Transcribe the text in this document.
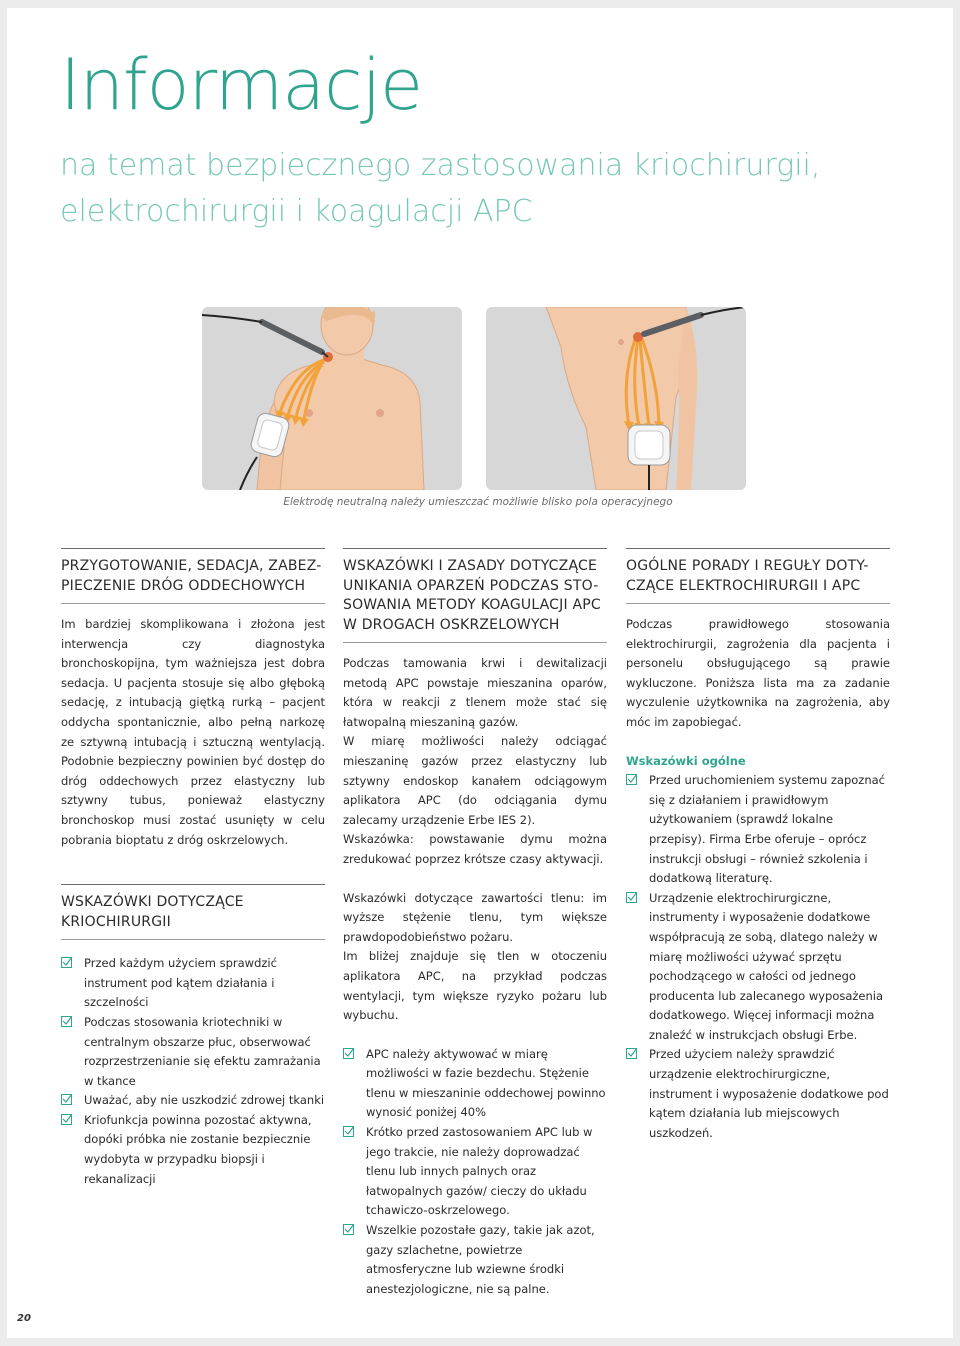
Informacje
na temat bezpiecznego zastosowania kriochirurgii, elektrochirurgii i koagulacji APC
Elektrodę neutralną należy umieszczać możliwie blisko pola operacyjnego
PRZYGOTOWANIE, SEDACJA, ZABEZ-PIECZENIE DRÓG ODDECHOWYCH

Im bardziej skomplikowana i złożona jest interwencja czy diagnostyka bronchoskopijna, tym ważniejsza jest dobra sedacja. U pacjenta stosuje się albo głęboką sedację, z intubacją giętką rurką – pacjent oddycha spontanicznie, albo pełną narkozę ze sztywną intubacją i sztuczną wentylacją. Podobnie bezpieczny powinien być dostęp do dróg oddechowych przez elastyczny lub sztywny tubus, ponieważ elastyczny bronchoskop musi zostać usunięty w celu pobrania bioptatu z dróg oskrzelowych.

WSKAZÓWKI DOTYCZĄCE KRIOCHIRURGII
Przed każdym użyciem sprawdzić instrument pod kątem działania i szczelności
Podczas stosowania kriotechniki w centralnym obszarze płuc, obserwować rozprzestrzenianie się efektu zamrażania w tkance
Uważać, aby nie uszkodzić zdrowej tkanki
Kriofunkcja powinna pozostać aktywna, dopóki próbka nie zostanie bezpiecznie wydobyta w przypadku biopsji i rekanalizacji
WSKAZÓWKI I ZASADY DOTYCZĄCE UNIKANIA OPARZEŃ PODCZAS STO-SOWANIA METODY KOAGULACJI APC W DROGACH OSKRZELOWYCH

Podczas tamowania krwi i dewitalizacji metodą APC powstaje mieszanina oparów, która w reakcji z tlenem może stać się łatwopalną mieszaniną gazów.

W miarę możliwości należy odciągać mieszaninę gazów przez elastyczny lub sztywny endoskop kanałem odciągowym aplikatora APC (do odciągania dymu zalecamy urządzenie Erbe IES 2).

Wskazówka: powstawanie dymu można zredukować poprzez krótsze czasy aktywacji.

Wskazówki dotyczące zawartości tlenu: im wyższe stężenie tlenu, tym większe prawdopodobieństwo pożaru.

Im bliżej znajduje się tlen w otoczeniu aplikatora APC, na przykład podczas wentylacji, tym większe ryzyko pożaru lub wybuchu.

APC należy aktywować w miarę możliwości w fazie bezdechu. Stężenie tlenu w mieszaninie oddechowej powinno wynosić poniżej 40%
Krótko przed zastosowaniem APC lub w jego trakcie, nie należy doprowadzać tlenu lub innych palnych oraz łatwopalnych gazów/ cieczy do układu tchawiczo-oskrzelowego.
Wszelkie pozostałe gazy, takie jak azot, gazy szlachetne, powietrze atmosferyczne lub wziewne środki anestezjologiczne, nie są palne.
OGÓLNE PORADY I REGUŁY DOTY-CZĄCE ELEKTROCHIRURGII I APC

Podczas prawidłowego stosowania elektrochirurgii, zagrożenia dla pacjenta i personelu obsługującego są prawie wykluczone. Poniższa lista ma za zadanie wyczulenie użytkownika na zagrożenia, aby móc im zapobiegać.

Wskazówki ogólne
Przed uruchomieniem systemu zapoznać się z działaniem i prawidłowym użytkowaniem (sprawdź lokalne przepisy). Firma Erbe oferuje – oprócz instrukcji obsługi – również szkolenia i dodatkową literaturę.
Urządzenie elektrochirurgiczne, instrumenty i wyposażenie dodatkowe współpracują ze sobą, dlatego należy w miarę możliwości używać sprzętu pochodzącego w całości od jednego producenta lub zalecanego wyposażenia dodatkowego. Więcej informacji można znaleźć w instrukcjach obsługi Erbe.
Przed użyciem należy sprawdzić urządzenie elektrochirurgiczne, instrument i wyposażenie dodatkowe pod kątem działania lub miejscowych uszkodzeń.
20
